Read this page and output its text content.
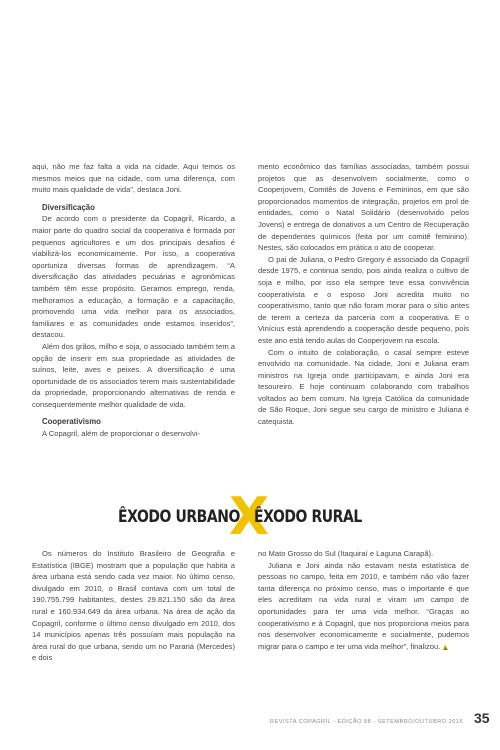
aqui, não me faz falta a vida na cidade. Aqui temos os mesmos meios que na cidade, com uma diferença, com muito mais qualidade de vida”, destaca Joni.

Diversificação

De acordo com o presidente da Copagril, Ricardo, a maior parte do quadro social da cooperativa é formada por pequenos agricultores e um dos principais desafios é viabilizá-los economicamente. Por isso, a cooperativa oportuniza diversas formas de aprendizagem. “A diversificação das atividades pecuárias e agronômicas também têm esse propósito. Geramos emprego, renda, melhoramos a educação, a formação e a capacitação, promovendo uma vida melhor para os associados, familiares e as comunidades onde estamos inseridos”, destacou.

Além dos grãos, milho e soja, o associado também tem a opção de inserir em sua propriedade as atividades de suínos, leite, aves e peixes. A diversificação é uma oportunidade de os associados terem mais sustentabilidade da propriedade, proporcionando alternativas de renda e consequentemente melhor qualidade de vida.

Cooperativismo

A Copagril, além de proporcionar o desenvolvi-

mento econômico das famílias associadas, também possui projetos que as desenvolvem socialmente, como o Cooperjovem, Comitês de Jovens e Femininos, em que são proporcionados momentos de integração, projetos em prol de entidades, como o Natal Solidário (desenvolvido pelos Jovens) e entrega de donativos a um Centro de Recuperação de dependentes químicos (feita por um comitê feminino). Nestes, são colocados em prática o ato de cooperar.

O pai de Juliana, o Pedro Gregory é associado da Copagril desde 1975, e continua sendo, pois ainda realiza o cultivo de soja e milho, por isso ela sempre teve essa convivência cooperativista e o esposo Joni acredita muito no cooperativismo, tanto que não foram morar para o sítio antes de terem a certeza da parceria com a cooperativa. E o Vinícius está aprendendo a cooperação desde pequeno, pois este ano está tendo aulas do Cooperjovem na escola.

Com o intuito de colaboração, o casal sempre esteve envolvido na comunidade. Na cidade, Joni e Juliana eram ministros na Igreja onde participavam, e ainda Joni era tesoureiro. E hoje continuam colaborando com trabalhos voltados ao bem comum. Na Igreja Católica da comunidade de São Roque, Joni segue seu cargo de ministro e Juliana é catequista.

X
ÊXODO URBANO ÊXODO RURAL

Os números do Instituto Brasileiro de Geografia e Estatística (IBGE) mostram que a população que habita a área urbana está sendo cada vez maior. No último censo, divulgado em 2010, o Brasil contava com um total de 190.755.799 habitantes, destes 29.821.150 são da área rural e 160.934.649 da área urbana. Na área de ação da Copagril, conforme o último censo divulgado em 2010, dos 14 municípios apenas três possuíam mais população na área rural do que urbana, sendo um no Paraná (Mercedes) e dois

no Mato Grosso do Sul (Itaquiraí e Laguna Carapã).

Juliana e Joni ainda não estavam nesta estatística de pessoas no campo, feita em 2010, e também não vão fazer tanta diferença no próximo censo, mas o importante é que eles acreditam na vida rural e viram um campo de oportunidades para ter uma vida melhor. “Graças ao cooperativismo e à Copagril, que nos proporciona meios para nos desenvolver economicamente e socialmente, pudemos migrar para o campo e ter uma vida melhor”, finalizou.

REVISTA COPAGRIL - EDIÇÃO 88 - SETEMBRO/OUTUBRO 2015 35
